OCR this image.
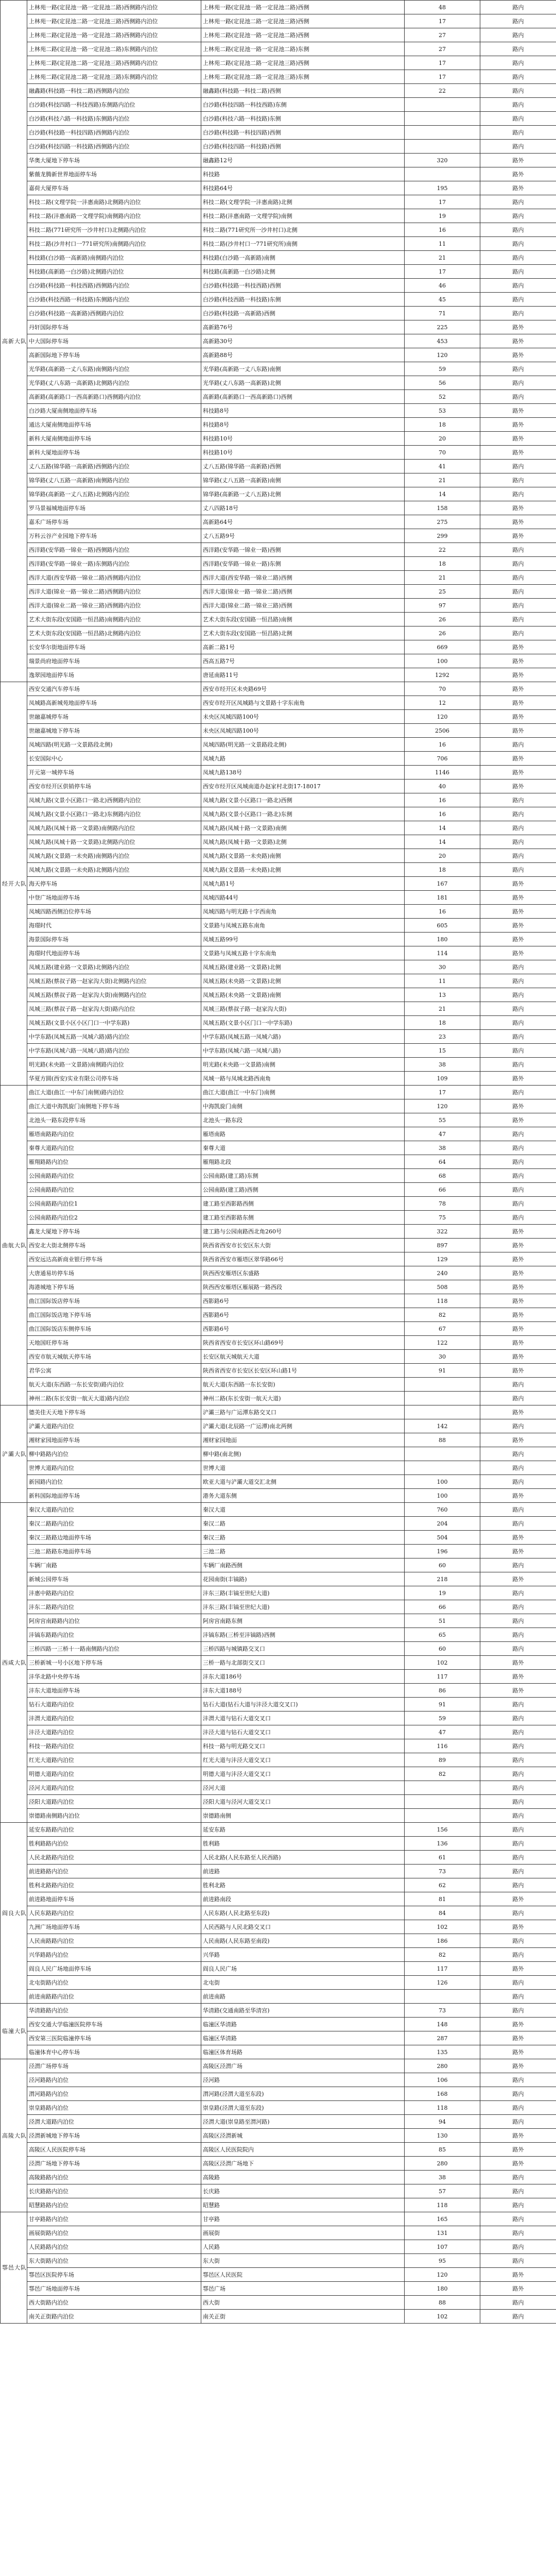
高新大队	上林苑一路(定昆池一路一定昆池二路)西侧路内泊位	上林苑一路(定昆池一路一定昆池二路)西侧	48	路内
	上林苑一路(定昆池二路一定昆池三路)西侧路内泊位	上林苑一路(定昆池二路一定昆池三路)西侧	17	路内
	上林苑二路(定昆池一路一定昆池二路)西侧路内泊位	上林苑二路(定昆池一路一定昆池二路)西侧	27	路内
	上林苑二路(定昆池一路一定昆池二路)东侧路内泊位	上林苑二路(定昆池一路一定昆池二路)东侧	27	路内
	上林苑二路(定昆池二路一定昆池三路)西侧路内泊位	上林苑二路(定昆池二路一定昆池三路)西侧	17	路内
	上林苑二路(定昆池二路一定昆池三路)东侧路内泊位	上林苑二路(定昆池二路一定昆池三路)东侧	17	路内
	融鑫路(科技路一科技二路)西侧路内泊位	融鑫路(科技路一科技二路)西侧	22	路内
	白沙路(科技四路一科技西路)东侧路内泊位	白沙路(科技四路一科技西路)东侧		路内
	白沙路(科技六路一科技路)东侧路内泊位	白沙路(科技六路一科技路)东侧		路内
	白沙路(科技路一科技四路)西侧路内泊位	白沙路(科技路一科技四路)西侧		路内
	白沙路(科技四路一科技路)西侧路内泊位	白沙路(科技四路一科技路)西侧		路内
	华奥大厦地下停车场	融鑫路12号	320	路外
	紫薇龙腾新世界地面停车场	科技路		路外
	嘉荷大厦停车场	科技路64号	195	路外
	科技二路(文理学院一沣惠南路)北侧路内泊位	科技二路(文理学院一沣惠南路)北侧	17	路内
	科技二路(沣惠南路一文理学院)南侧路内泊位	科技二路(沣惠南路一文理学院)南侧	19	路内
	科技二路(771研究所一沙井村口)北侧路内泊位	科技二路(771研究所一沙井村口)北侧	16	路内
	科技二路(沙井村口一771研究所)南侧路内泊位	科技二路(沙井村口一771研究所)南侧	11	路内
	科技路(白沙路一高新路)南侧路内泊位	科技路(白沙路一高新路)南侧	21	路内
	科技路(高新路一白沙路)北侧路内泊位	科技路(高新路一白沙路)北侧	17	路内
	白沙路(科技路一科技西路)西侧路内泊位	白沙路(科技路一科技西路)西侧	46	路内
	白沙路(科技西路一科技路)东侧路内泊位	白沙路(科技西路一科技路)东侧	45	路内
	白沙路(科技路一高新路)西侧路内泊位	白沙路(科技路一高新路)西侧	71	路内
	丹轩国际停车场	高新路76号	225	路外
	中大国际停车场	高新路30号	453	路外
	高新国际地下停车场	高新路88号	120	路外
	光华路(高新路一丈八东路)南侧路内泊位	光华路(高新路一丈八东路)南侧	59	路内
	光华路(丈八东路一高新路)北侧路内泊位	光华路(丈八东路一高新路)北侧	56	路内
	高新路(高新路口一西高新路口)西侧路内泊位	高新路(高新路口一西高新路口)西侧	52	路内
	白沙路大厦南侧地面停车场	科技路8号	53	路外
	通达大厦南侧地面停车场	科技路8号	18	路外
	新科大厦南侧地面停车场	科技路10号	20	路外
	新科大厦地面停车场	科技路10号	70	路外
	丈八五路(锦华路一高新路)西侧路内泊位	丈八五路(锦华路一高新路)西侧	41	路内
	锦华路(丈八五路一高新路)南侧路内泊位	锦华路(丈八五路一高新路)南侧	21	路内
	锦华路(高新路一丈八五路)北侧路内泊位	锦华路(高新路一丈八五路)北侧	14	路内
	罗马景福城地面停车场	丈八四路18号	158	路外
	嘉禾广场停车场	高新路64号	275	路外
	万科云谷产业园地下停车场	丈八五路9号	299	路外
	西洋路(安华路一锦业一路)西侧路内泊位	西洋路(安华路一锦业一路)西侧	22	路内
	西洋路(安华路一锦业一路)东侧路内泊位	西洋路(安华路一锦业一路)东侧	18	路内
	西洋大道(西安华路一锦业二路)西侧路内泊位	西洋大道(西安华路一锦业二路)西侧	21	路内
	西洋大道(锦业一路一锦业二路)西侧路内泊位	西洋大道(锦业一路一锦业二路)西侧	25	路内
	西洋大道(锦业二路一锦业三路)西侧路内泊位	西洋大道(锦业二路一锦业三路)西侧	97	路内
	艺术大街东段(安国路一恒昌路)南侧路内泊位	艺术大街东段(安国路一恒昌路)南侧	26	路内
	艺术大街东段(安国路一恒昌路)北侧路内泊位	艺术大街东段(安国路一恒昌路)北侧	26	路内
	长安华尔街地面停车场	高新二路1号	669	路外
	瑞景尚府地面停车场	西高五路7号	100	路外
	逸翠园地面停车场	唐延南路11号	1292	路外
经开大队	西安交通汽车停车场	西安市经开区未央路69号	70	路外
	凤城路高新城苑地面停车场	西安市经开区凤城路与文景路十字东南角	12	路外
	世融嘉城停车场	未央区凤城四路100号	120	路外
	世融嘉城地下停车场	未央区凤城四路100号	2506	路外
	凤城四路(明光路一文景路段北侧)	凤城四路(明光路一文景路段北侧)	16	路内
	长安国际中心	凤城九路	706	路外
	开元第一城停车场	凤城九路138号	1146	路外
	西安市经开区供销停车场	西安市经开区凤城南道办赵家村北街17-18017	40	路外
	凤城九路(文景小区路口一路北)西侧路内泊位	凤城九路(文景小区路口一路北)西侧	16	路内
	凤城九路(文景小区路口一路北)东侧路内泊位	凤城九路(文景小区路口一路北)东侧	16	路内
	凤城九路(凤城十路一文景路)南侧路内泊位	凤城九路(凤城十路一文景路)南侧	14	路内
	凤城九路(凤城十路一文景路)北侧路内泊位	凤城九路(凤城十路一文景路)北侧	14	路内
	凤城九路(文景路一未央路)南侧路内泊位	凤城九路(文景路一未央路)南侧	20	路内
	凤城九路(文景路一未央路)北侧路内泊位	凤城九路(文景路一未央路)北侧	18	路内
	海天停车场	凤城九路1号	167	路外
	中登广场地面停车场	凤城四路44号	181	路外
	凤城四路西侧泊位停车场	凤城四路与明光路十字西南角	16	路外
	海璟时代	文景路与凤城五路东南角	605	路外
	海景国际停车场	凤城五路99号	180	路外
	海璟时代地面停车场	文景路与凤城五路十字东南角	114	路外
	凤城五路(建业路一文景路)北侧路内泊位	凤城五路(建业路一文景路)北侧	30	路内
	凤城五路(蔡叔子路一赵家沟大街)北侧路内泊位	凤城五路(未央路一文景路)北侧	11	路内
	凤城五路(蔡叔子路一赵家沟大街)南侧路内泊位	凤城五路(未央路一文景路)南侧	13	路内
	凤城三路(蔡叔子路一赵家沟大街)路内泊位	凤城三路(蔡叔子路一赵家沟大街)	21	路内
	凤城五路(文景小区小区门口一中学东路)	凤城五路(文景小区门口一中学东路)	18	路内
	中学东路(凤城五路一凤城六路)路内泊位	中学东路(凤城五路一凤城六路)	23	路内
	中学东路(凤城六路一凤城八路)路内泊位	中学东路(凤城六路一凤城八路)	15	路内
	明光路(未央路一文景路)南侧路内泊位	明光路(未央路一文景路)南侧	38	路内
	华夏方圆(西安)实业有限公司停车场	凤城一路与凤城北路西南角	109	路外
曲航大队	曲江大道(曲江一中东门南侧)路内泊位	曲江大道(曲江一中东门)南侧	17	路内
	曲江大道中海凯旋门南侧地下停车场	中海凯旋门南侧	120	路外
	北池头一路东段停车场	北池头一路东段	55	路外
	雁塔南路路内泊位	雁塔南路	47	路内
	秦尊大道路内泊位	秦尊大道	38	路内
	雁翔路路内泊位	雁翔路北段	64	路内
	公园南路路内泊位	公园南路(建工路)东侧	68	路内
	公园南路路内泊位	公园南路(建工路)西侧	66	路内
	公园南路路内泊位1	建工路至西影路西侧	78	路内
	公园南路路内泊位2	建工路至西影路东侧	75	路内
	鑫龙大厦地下停车场	建工路与公园南路西北角260号	322	路外
	西安北大街北侧停车场	陕西省西安市长安区东大街	897	路外
	西安远达高新商业银行停车场	陕西省西安市雁塔区翠华路66号	129	路外
	大唐通易坊停车场	陕西西安雁塔区东盛路	240	路外
	海港城地下停车场	陕西西安雁塔区雁展路一路西段	508	路外
	曲江国际饭店停车场	西影路6号	118	路外
	曲江国际饭店地下停车场	西影路6号	82	路外
	曲江国际饭店东侧停车场	西影路6号	67	路外
	天地国旺停车场	陕西省西安市长安区环山路69号	122	路外
	西安市航天城航天停车场	长安区航天城航天大道	30	路外
	君华公寓	陕西省西安市长安区长安区环山路1号	91	路外
	航天大道(东西路一东长安街)路内泊位	航天大道(东西路一东长安街)		路内
	神州二路(东长安街一航天大道)路内泊位	神州二路(东长安街一航天大道)		路内
浐灞大队	德美佳天天地下停车场	浐灞三路与广运潭东路交叉口		路外
	浐灞大道路内泊位	浐灞大道(北辰路一广运潭)南北两侧	142	路内
	湘财家园地面停车场	湘财家园地面	88	路外
	柳中路路内泊位	柳中路(南北侧)		路内
	世博大道路内泊位	世博大道		路内
	新园路内泊位	欧亚大道与浐灞大道交汇北侧	100	路内
	新科国际地面停车场	港务大道东侧	100	路外
西咸大队	秦汉大道路内泊位	秦汉大道	760	路内
	秦汉二路路内泊位	秦汉二路	204	路内
	秦汉三路路边地面停车场	秦汉三路	504	路外
	三池二路路东地面停车场	三池二路	196	路外
	车辆厂南路	车辆厂南路西侧	60	路内
	新城公园停车场	花园南街(丰镐路)	218	路外
	沣惠中路路内泊位	沣东三路(丰镐至世纪大道)	19	路内
	沣东二路路内泊位	沣东三路(丰镐至世纪大道)	66	路内
	阿房宫南路路内泊位	阿房宫南路东侧	51	路内
	沣镐东路路内泊位	沣镐东路(三桥至沣镐路)西侧	65	路内
	三桥四路一三桥十一路南侧路内泊位	三桥四路与城镇路交叉口	60	路内
	三桥新城一号小区地下停车场	三桥一路与北部街交叉口	102	路外
	沣华北路中央停车场	沣东大道186号	117	路外
	沣东大道地面停车场	沣东大道188号	86	路外
	钻石大道路内泊位	钻石大道(钻石大道与沣泾大道交叉口)	91	路内
	沣渭大道路内泊位	沣渭大道与钻石大道交叉口	59	路内
	沣泾大道路内泊位	沣泾大道与钻石大道交叉口	47	路内
	科技一路路内泊位	科技一路与明光路交叉口	116	路内
	红光大道路内泊位	红光大道与沣泾大道交叉口	89	路内
	明德大道路内泊位	明德大道与沣泾大道交叉口	82	路内
	泾河大道路内泊位	泾河大道		路内
	泾阳大道路内泊位	泾阳大道与泾河大道交叉口		路内
	崇德路南侧路内泊位	崇德路南侧		路内
阎良大队	延安东路路内泊位	延安东路	156	路内
	胜利路路内泊位	胜利路	136	路内
	人民北路路内泊位	人民北路(人民东路至人民西路)	61	路内
	前进路路内泊位	前进路	73	路内
	胜利北路路内泊位	胜利北路	62	路内
	前进路地面停车场	前进路南段	81	路外
	人民东路路内泊位	人民东路(人民北路至东段)	84	路内
	九洲广场地面停车场	人民西路与人民北路交叉口	102	路外
	人民南路路内泊位	人民南路(人民东路至南段)	186	路内
	兴华路路内泊位	兴华路	82	路内
	阎良人民广场地面停车场	阎良人民广场	117	路外
	北屯街路内泊位	北屯街	126	路内
	前进南路路内泊位	前进南路		路内
临潼大队	华清路路内泊位	华清路(交通南路至华清宫)	73	路内
	西安交通大学临潼医院停车场	临潼区华清路	148	路外
	西安第三医院临潼停车场	临潼区华清路	287	路外
	临潼体育中心停车场	临潼区体育场路	135	路外
高陵大队	泾渭广场停车场	高陵区泾渭广场	280	路外
	泾河路路内泊位	泾河路	106	路内
	渭河路路内泊位	渭河路(泾渭大道至东段)	168	路内
	崇皇路路内泊位	崇皇路(泾渭大道至东段)	118	路内
	泾渭大道路内泊位	泾渭大道(崇皇路至渭河路)	94	路内
	泾渭新城地下停车场	高陵区泾渭新城	130	路外
	高陵区人民医院停车场	高陵区人民医院院内	85	路外
	泾渭广场地下停车场	高陵区泾渭广场地下	280	路外
	高陵路路内泊位	高陵路	38	路内
	长庆路路内泊位	长庆路	57	路内
	昭慧路路内泊位	昭慧路	118	路内
鄠邑大队	甘亭路路内泊位	甘亭路	165	路内
	画展街路内泊位	画展街	131	路内
	人民路路内泊位	人民路	107	路内
	东大街路内泊位	东大街	95	路内
	鄠邑区医院停车场	鄠邑区人民医院	120	路外
	鄠邑广场地面停车场	鄠邑广场	180	路外
	西大街路内泊位	西大街	88	路内
	南关正街路内泊位	南关正街	102	路内
